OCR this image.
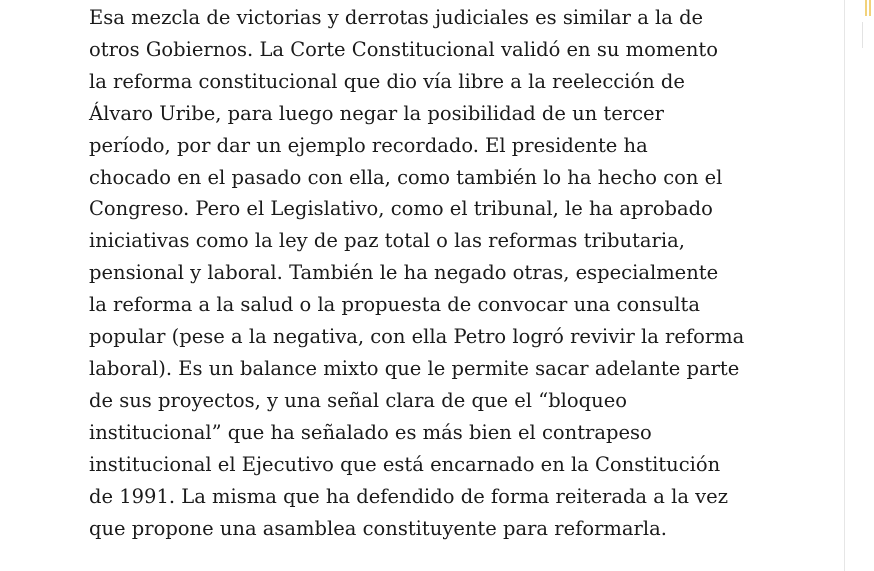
Esa mezcla de victorias y derrotas judiciales es similar a la de
otros Gobiernos. La Corte Constitucional validó en su momento
la reforma constitucional que dio vía libre a la reelección de
Álvaro Uribe, para luego negar la posibilidad de un tercer
período, por dar un ejemplo recordado. El presidente ha
chocado en el pasado con ella, como también lo ha hecho con el
Congreso. Pero el Legislativo, como el tribunal, le ha aprobado
iniciativas como la ley de paz total o las reformas tributaria,
pensional y laboral. También le ha negado otras, especialmente
la reforma a la salud o la propuesta de convocar una consulta
popular (pese a la negativa, con ella Petro logró revivir la reforma
laboral). Es un balance mixto que le permite sacar adelante parte
de sus proyectos, y una señal clara de que el “bloqueo
institucional” que ha señalado es más bien el contrapeso
institucional el Ejecutivo que está encarnado en la Constitución
de 1991. La misma que ha defendido de forma reiterada a la vez
que propone una asamblea constituyente para reformarla.
